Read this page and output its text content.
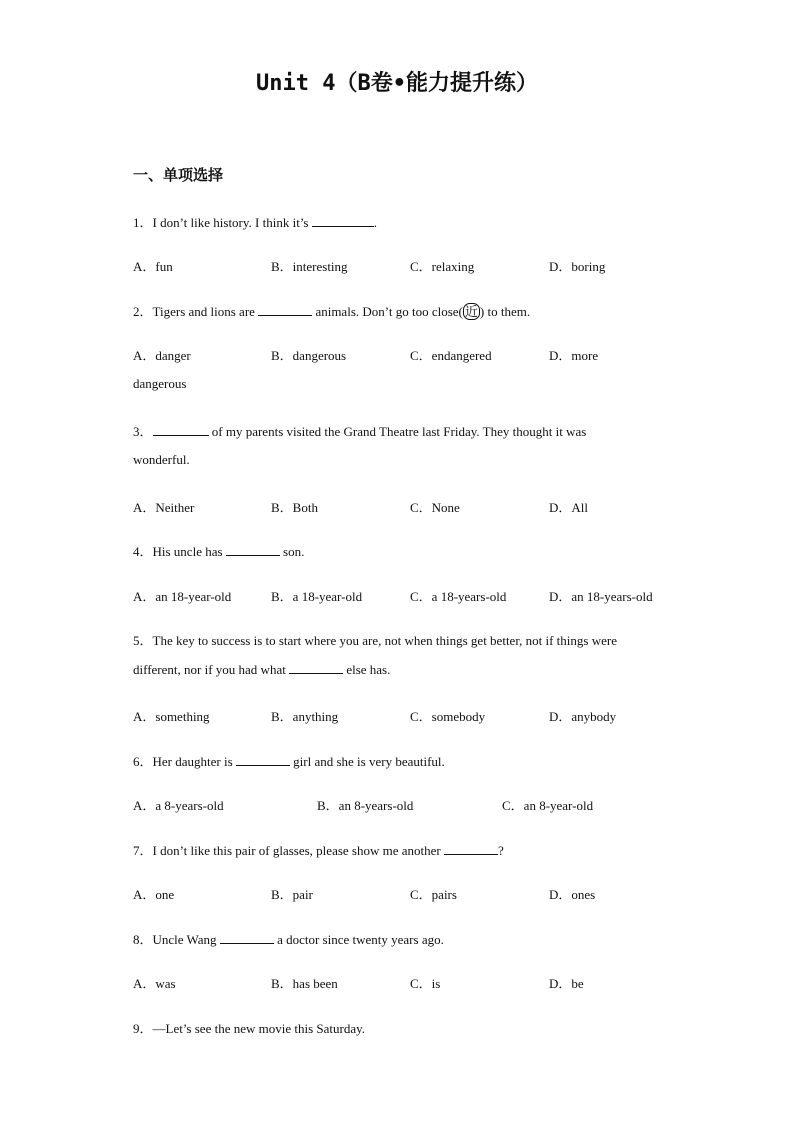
Unit 4（B卷•能力提升练）
一、单项选择
1．I don’t like history. I think it’s	.
A．fun	B．interesting	C．relaxing	D．boring
2．Tigers and lions are	animals. Don’t go too close( 近 ) to them.
A．danger	B．dangerous	C．endangered	D．more
dangerous
3．	of my parents visited the Grand Theatre last Friday. They thought it was
wonderful.
A．Neither	B．Both	C．None	D．All
4．His uncle has	son.
A．an 18-year-old	B．a 18-year-old	C．a 18-years-old	D．an 18-years-old
5．The key to success is to start where you are, not when things get better, not if things were
different, nor if you had what	else has.
A．something	B．anything	C．somebody	D．anybody
6．Her daughter is	girl and she is very beautiful.
A．a 8-years-old	B．an 8-years-old	C．an 8-year-old
7．I don’t like this pair of glasses, please show me another	?
A．one	B．pair	C．pairs	D．ones
8．Uncle Wang	a doctor since twenty years ago.
A．was	B．has been	C．is	D．be
9．—Let’s see the new movie this Saturday.
